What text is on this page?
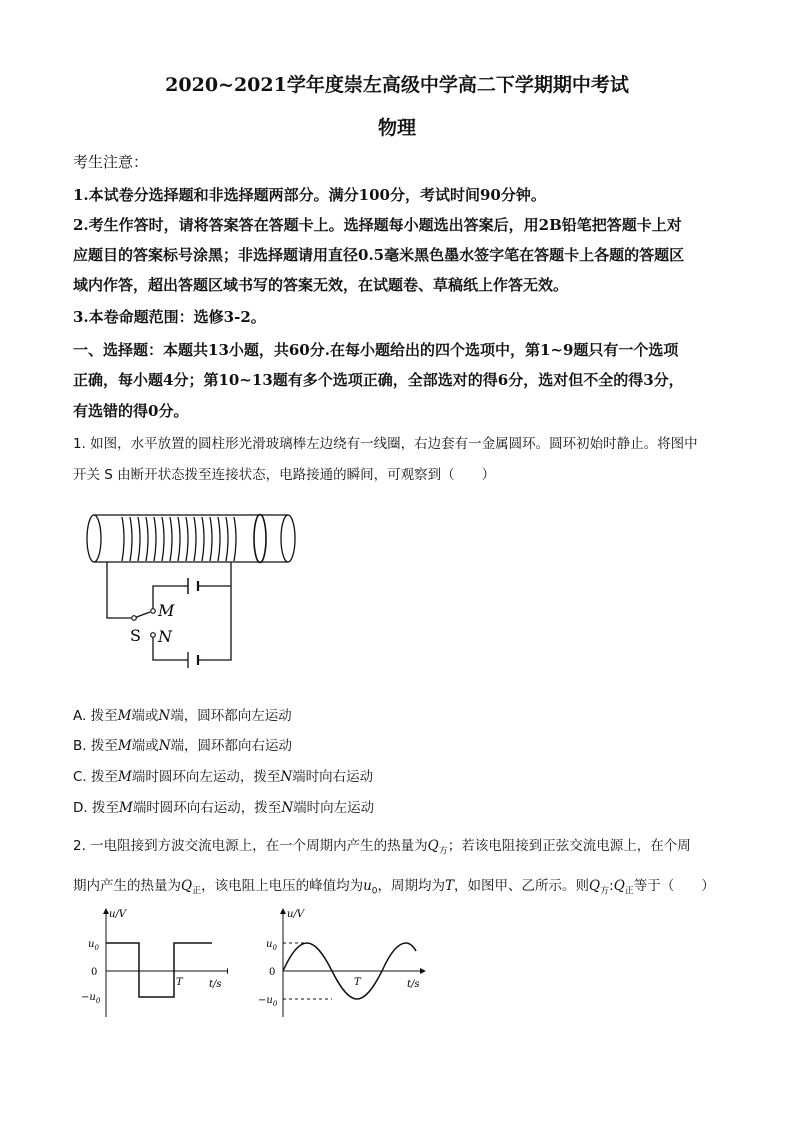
2020~2021学年度崇左高级中学高二下学期期中考试
物理
考生注意：
1.本试卷分选择题和非选择题两部分。满分100分，考试时间90分钟。
2.考生作答时，请将答案答在答题卡上。选择题每小题选出答案后，用2B铅笔把答题卡上对
应题目的答案标号涂黑；非选择题请用直径0.5毫米黑色墨水签字笔在答题卡上各题的答题区
域内作答，超出答题区域书写的答案无效，在试题卷、草稿纸上作答无效。
3.本卷命题范围：选修3-2。
一、选择题：本题共13小题，共60分.在每小题给出的四个选项中，第1~9题只有一个选项
正确，每小题4分；第10~13题有多个选项正确，全部选对的得6分，选对但不全的得3分，
有选错的得0分。
1. 如图，水平放置的圆柱形光滑玻璃棒左边绕有一线圈，右边套有一金属圆环。圆环初始时静止。将图中
开关 S 由断开状态拨至连接状态，电路接通的瞬间，可观察到（　　）
M
N
S
A. 拨至M端或N端，圆环都向左运动
B. 拨至M端或N端，圆环都向右运动
C. 拨至M端时圆环向左运动，拨至N端时向右运动
D. 拨至M端时圆环向右运动，拨至N端时向左运动
2. 一电阻接到方波交流电源上，在一个周期内产生的热量为$Q_方$；若该电阻接到正弦交流电源上，在个周
期内产生的热量为$Q_正$，该电阻上电压的峰值均为$u_0$，周期均为T，如图甲、乙所示。则$Q_方:Q_正$等于（　　）
u/V
t/s
$u_0$
0
$-u_0$
T
u/V
t/s
$u_0$
0
$-u_0$
T
